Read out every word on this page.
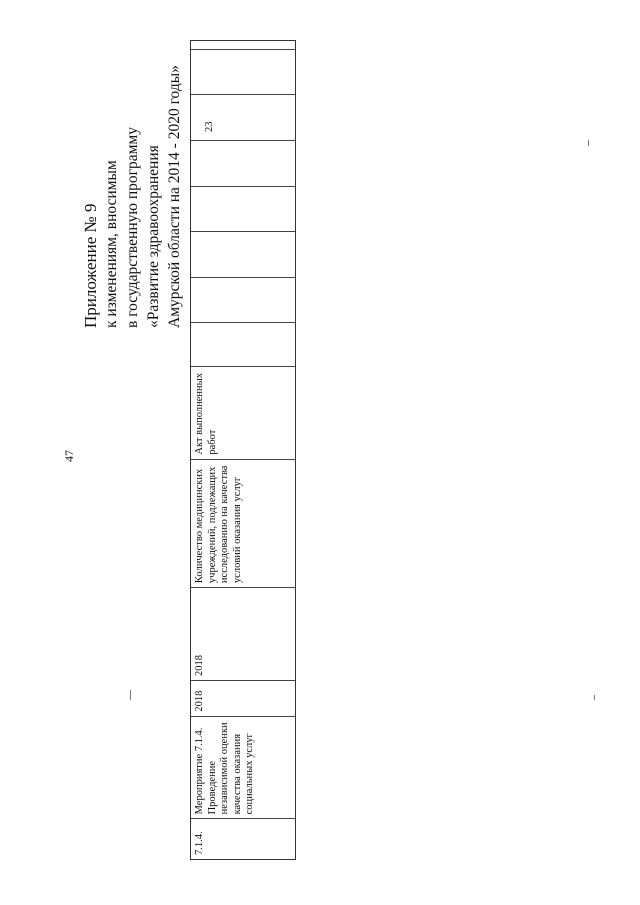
47
Приложение № 9 к изменениям, вносимым в государственную программу «Развитие здравоохранения Амурской области на 2014 - 2020 годы»
7.1.4.
Мероприятие 7.1.4. Проведение независимой оценки качества оказания социальных услуг
2018
2018
Количество медицинских учреждений, подлежащих исследованию на качества условий оказания услуг
Акт выполненных работ
23
